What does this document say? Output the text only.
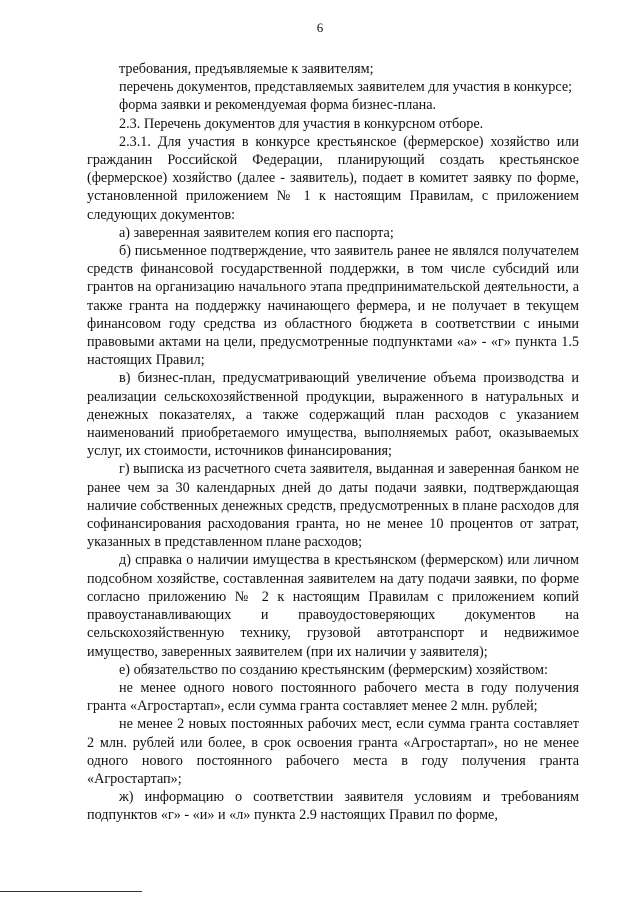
6

требования, предъявляемые к заявителям;

перечень документов, представляемых заявителем для участия в конкурсе;

форма заявки и рекомендуемая форма бизнес-плана.

2.3. Перечень документов для участия в конкурсном отборе.

2.3.1. Для участия в конкурсе крестьянское (фермерское) хозяйство или гражданин Российской Федерации, планирующий создать крестьянское (фермерское) хозяйство (далее - заявитель), подает в комитет заявку по форме, установленной приложением № 1 к настоящим Правилам, с приложением следующих документов:

а) заверенная заявителем копия его паспорта;

б) письменное подтверждение, что заявитель ранее не являлся получателем средств финансовой государственной поддержки, в том числе субсидий или грантов на организацию начального этапа предпринимательской деятельности, а также гранта на поддержку начинающего фермера, и не получает в текущем финансовом году средства из областного бюджета в соответствии с иными правовыми актами на цели, предусмотренные подпунктами «а» - «г» пункта 1.5 настоящих Правил;

в) бизнес-план, предусматривающий увеличение объема производства и реализации сельскохозяйственной продукции, выраженного в натуральных и денежных показателях, а также содержащий план расходов с указанием наименований приобретаемого имущества, выполняемых работ, оказываемых услуг, их стоимости, источников финансирования;

г) выписка из расчетного счета заявителя, выданная и заверенная банком не ранее чем за 30 календарных дней до даты подачи заявки, подтверждающая наличие собственных денежных средств, предусмотренных в плане расходов для софинансирования расходования гранта, но не менее 10 процентов от затрат, указанных в представленном плане расходов;

д) справка о наличии имущества в крестьянском (фермерском) или личном подсобном хозяйстве, составленная заявителем на дату подачи заявки, по форме согласно приложению № 2 к настоящим Правилам с приложением копий правоустанавливающих и правоудостоверяющих документов на сельскохозяйственную технику, грузовой автотранспорт и недвижимое имущество, заверенных заявителем (при их наличии у заявителя);

е) обязательство по созданию крестьянским (фермерским) хозяйством:

не менее одного нового постоянного рабочего места в году получения гранта «Агростартап», если сумма гранта составляет менее 2 млн. рублей;

не менее 2 новых постоянных рабочих мест, если сумма гранта составляет 2 млн. рублей или более, в срок освоения гранта «Агростартап», но не менее одного нового постоянного рабочего места в году получения гранта «Агростартап»;

ж) информацию о соответствии заявителя условиям и требованиям подпунктов «г» - «и» и «л» пункта 2.9 настоящих Правил по форме,
